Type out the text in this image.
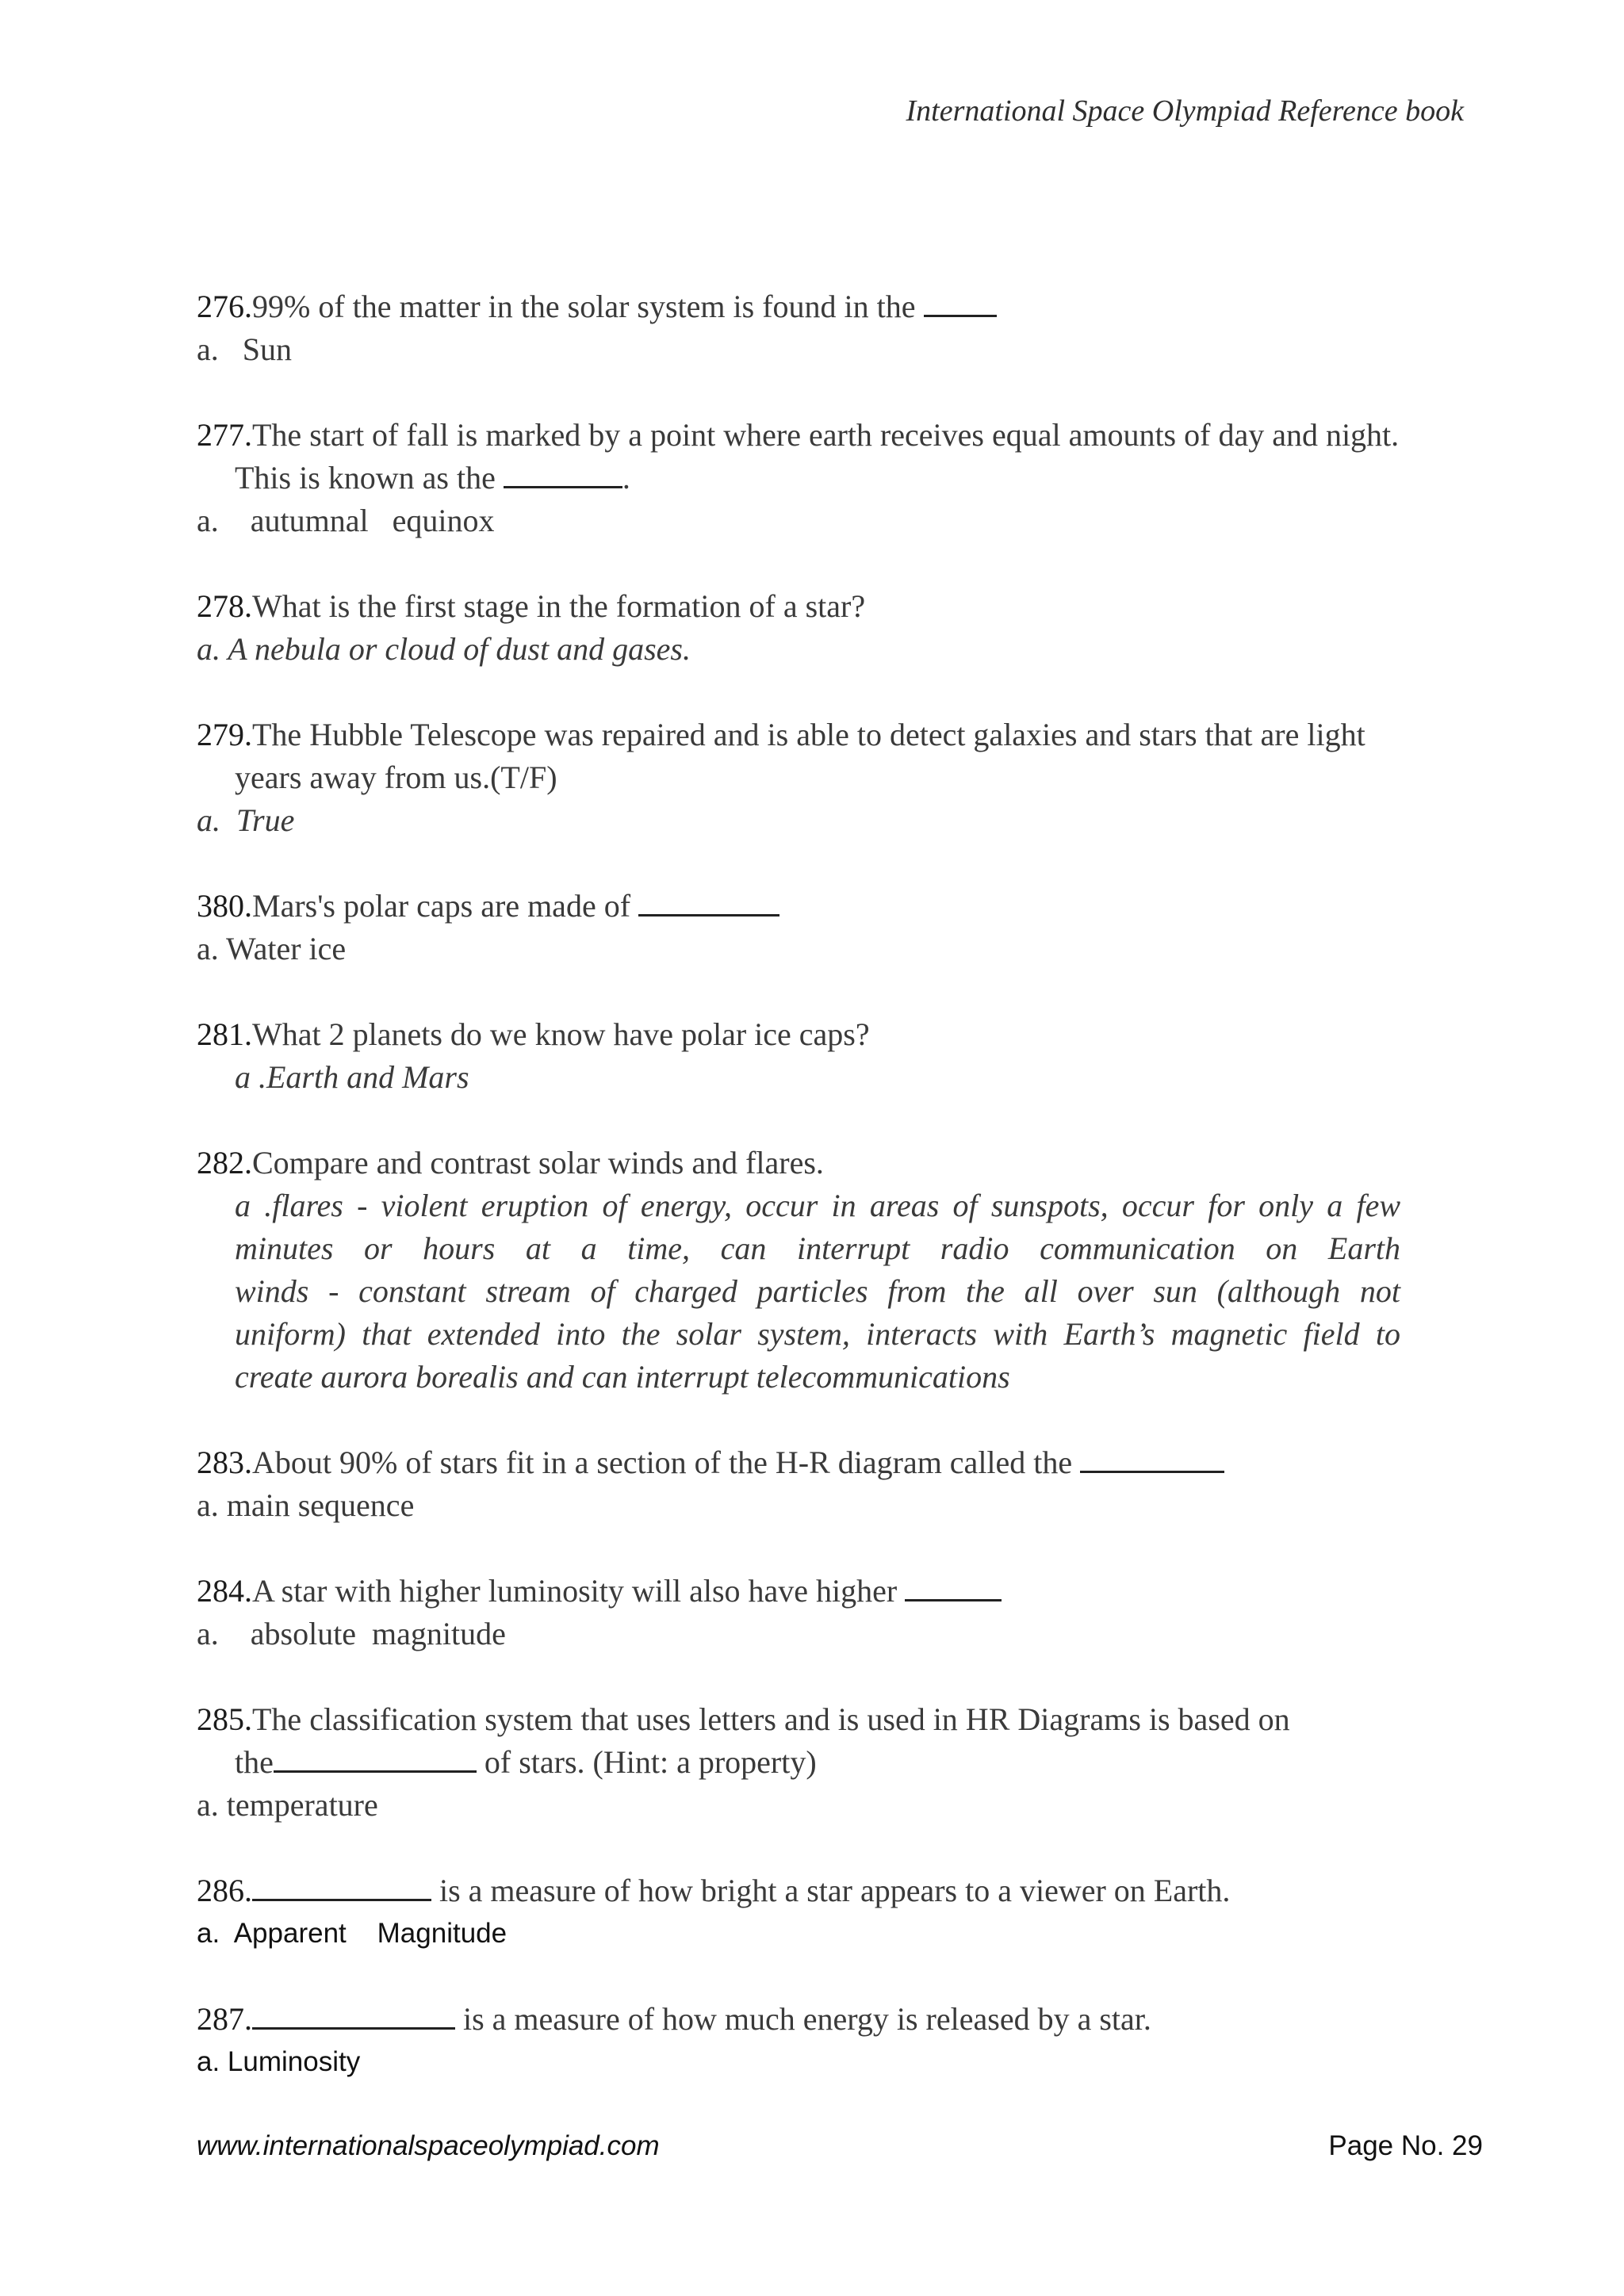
International Space Olympiad Reference book

276.99% of the matter in the solar system is found in the

a.   Sun

277.The start of fall is marked by a point where earth receives equal amounts of day and night.

This is known as the	.

a.    autumnal   equinox

278.What is the first stage in the formation of a star?

a. A nebula or cloud of dust and gases.

279.The Hubble Telescope was repaired and is able to detect galaxies and stars that are light

years away from us.(T/F)

a.  True

380.Mars's polar caps are made of

a. Water ice

281.What 2 planets do we know have polar ice caps?

a .Earth and Mars

282.Compare and contrast solar winds and flares.

a .flares - violent eruption of energy, occur in areas of sunspots, occur for only a few
minutes or hours at a time, can interrupt radio communication on Earth
winds - constant stream of charged particles from the all over sun (although not
uniform) that extended into the solar system, interacts with Earth’s magnetic field to
create aurora borealis and can interrupt telecommunications

283.About 90% of stars fit in a section of the H-R diagram called the

a. main sequence

284.A star with higher luminosity will also have higher

a.    absolute  magnitude

285.The classification system that uses letters and is used in HR Diagrams is based on

the	of stars. (Hint: a property)

a. temperature

286.	is a measure of how bright a star appears to a viewer on Earth.

a.  Apparent    Magnitude

287.	is a measure of how much energy is released by a star.

a. Luminosity

www.internationalspaceolympiad.com	Page No. 29
